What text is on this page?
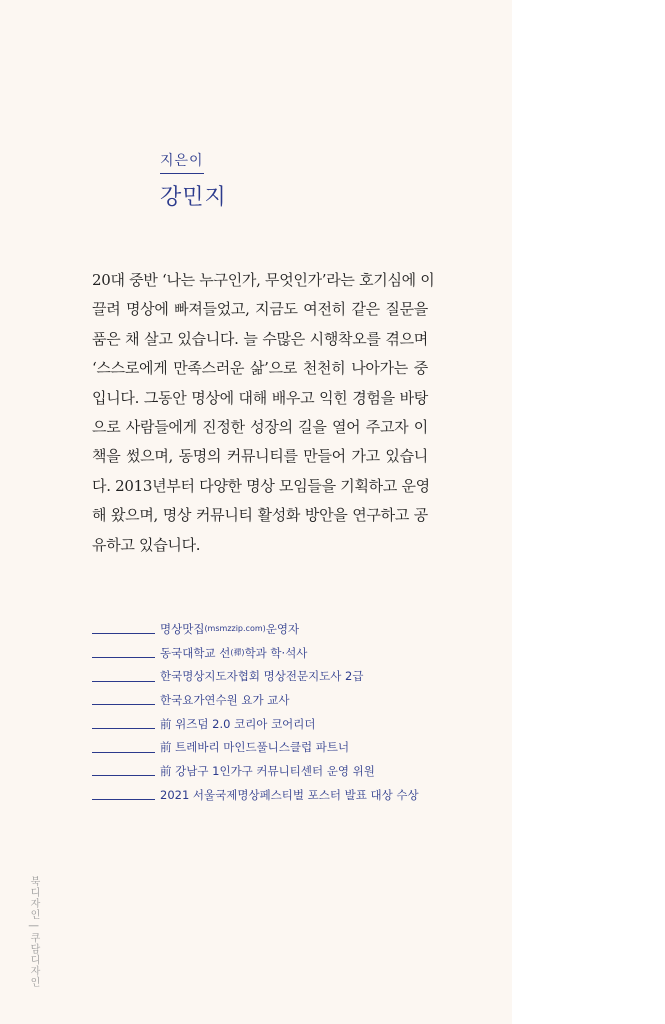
지은이
강민지
20대 중반 ‘나는 누구인가, 무엇인가’라는 호기심에 이
끌려 명상에 빠져들었고, 지금도 여전히 같은 질문을
품은 채 살고 있습니다. 늘 수많은 시행착오를 겪으며
‘스스로에게 만족스러운 삶’으로 천천히 나아가는 중
입니다. 그동안 명상에 대해 배우고 익힌 경험을 바탕
으로 사람들에게 진정한 성장의 길을 열어 주고자 이
책을 썼으며, 동명의 커뮤니티를 만들어 가고 있습니
다. 2013년부터 다양한 명상 모임들을 기획하고 운영
해 왔으며, 명상 커뮤니티 활성화 방안을 연구하고 공
유하고 있습니다.
명상맛집 (msmzzip.com) 운영자
동국대학교 선 (禪) 학과 학·석사
한국명상지도자협회 명상전문지도사 2급
한국요가연수원 요가 교사
前 위즈덤 2.0 코리아 코어리더
前 트레바리 마인드풀니스클럽 파트너
前 강남구 1인가구 커뮤니티센터 운영 위원
2021 서울국제명상페스티벌 포스터 발표 대상 수상
북디자인 | 쿠담디자인
